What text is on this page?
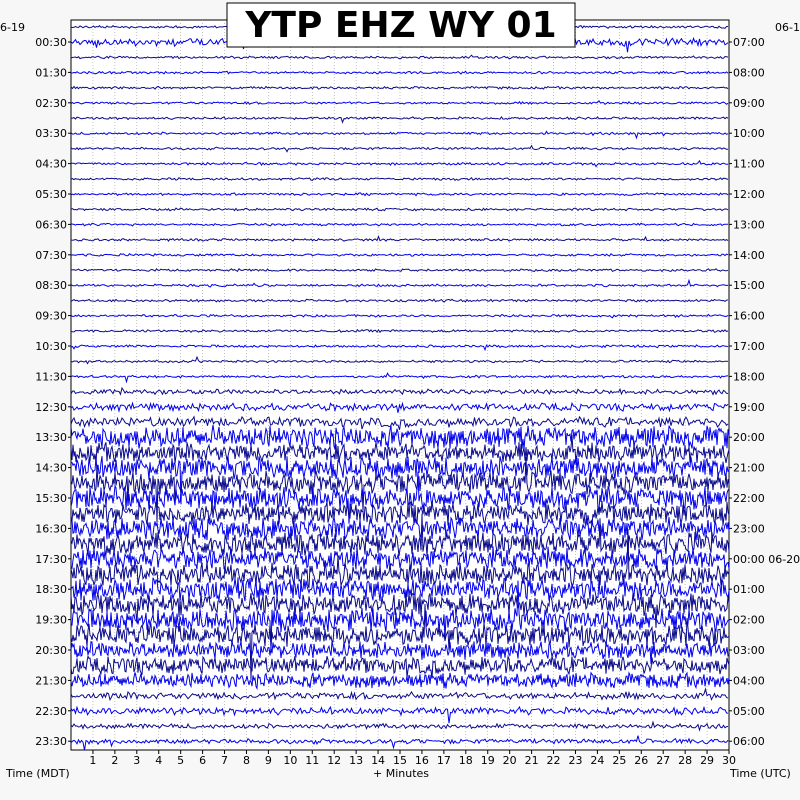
00:30
01:30
02:30
03:30
04:30
05:30
06:30
07:30
08:30
09:30
10:30
11:30
12:30
13:30
14:30
15:30
16:30
17:30
18:30
19:30
20:30
21:30
22:30
23:30
07:00
08:00
09:00
10:00
11:00
12:00
13:00
14:00
15:00
16:00
17:00
18:00
19:00
20:00
21:00
22:00
23:00
00:00 06-20
01:00
02:00
03:00
04:00
05:00
06:00
1 2 3 4 5 6 7 8 9 10 11 12 13 14 15 16 17 18 19 20 21 22 23 24 25 26 27 28 29 30
6-19	06-1
Time (MDT)	+ Minutes	Time (UTC)
YTP EHZ WY 01
